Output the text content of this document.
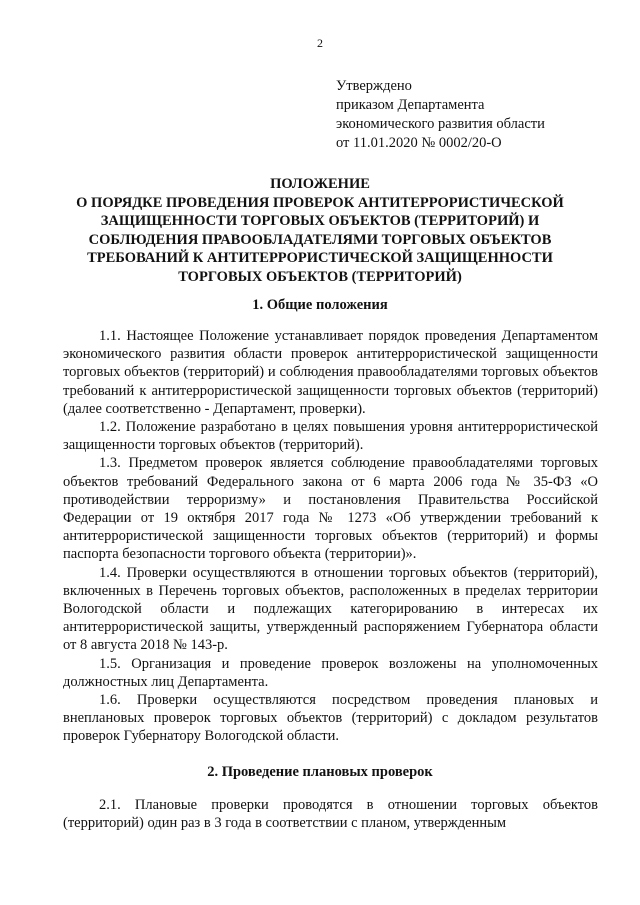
2
Утверждено
приказом Департамента
экономического развития области
от 11.01.2020 № 0002/20-О
ПОЛОЖЕНИЕ
О ПОРЯДКЕ ПРОВЕДЕНИЯ ПРОВЕРОК АНТИТЕРРОРИСТИЧЕСКОЙ
ЗАЩИЩЕННОСТИ ТОРГОВЫХ ОБЪЕКТОВ (ТЕРРИТОРИЙ) И
СОБЛЮДЕНИЯ ПРАВООБЛАДАТЕЛЯМИ ТОРГОВЫХ ОБЪЕКТОВ
ТРЕБОВАНИЙ К АНТИТЕРРОРИСТИЧЕСКОЙ ЗАЩИЩЕННОСТИ
ТОРГОВЫХ ОБЪЕКТОВ (ТЕРРИТОРИЙ)
1. Общие положения

1.1. Настоящее Положение устанавливает порядок проведения Департаментом экономического развития области проверок антитеррористической защищенности торговых объектов (территорий) и соблюдения правообладателями торговых объектов требований к антитеррористической защищенности торговых объектов (территорий) (далее соответственно - Департамент, проверки).

1.2. Положение разработано в целях повышения уровня антитеррористической защищенности торговых объектов (территорий).

1.3. Предметом проверок является соблюдение правообладателями торговых объектов требований Федерального закона от 6 марта 2006 года № 35-ФЗ «О противодействии терроризму» и постановления Правительства Российской Федерации от 19 октября 2017 года № 1273 «Об утверждении требований к антитеррористической защищенности торговых объектов (территорий) и формы паспорта безопасности торгового объекта (территории)».

1.4. Проверки осуществляются в отношении торговых объектов (территорий), включенных в Перечень торговых объектов, расположенных в пределах территории Вологодской области и подлежащих категорированию в интересах их антитеррористической защиты, утвержденный распоряжением Губернатора области от 8 августа 2018 № 143-р.

1.5. Организация и проведение проверок возложены на уполномоченных должностных лиц Департамента.

1.6. Проверки осуществляются посредством проведения плановых и внеплановых проверок торговых объектов (территорий) с докладом результатов проверок Губернатору Вологодской области.

2. Проведение плановых проверок

2.1. Плановые проверки проводятся в отношении торговых объектов (территорий) один раз в 3 года в соответствии с планом, утвержденным
